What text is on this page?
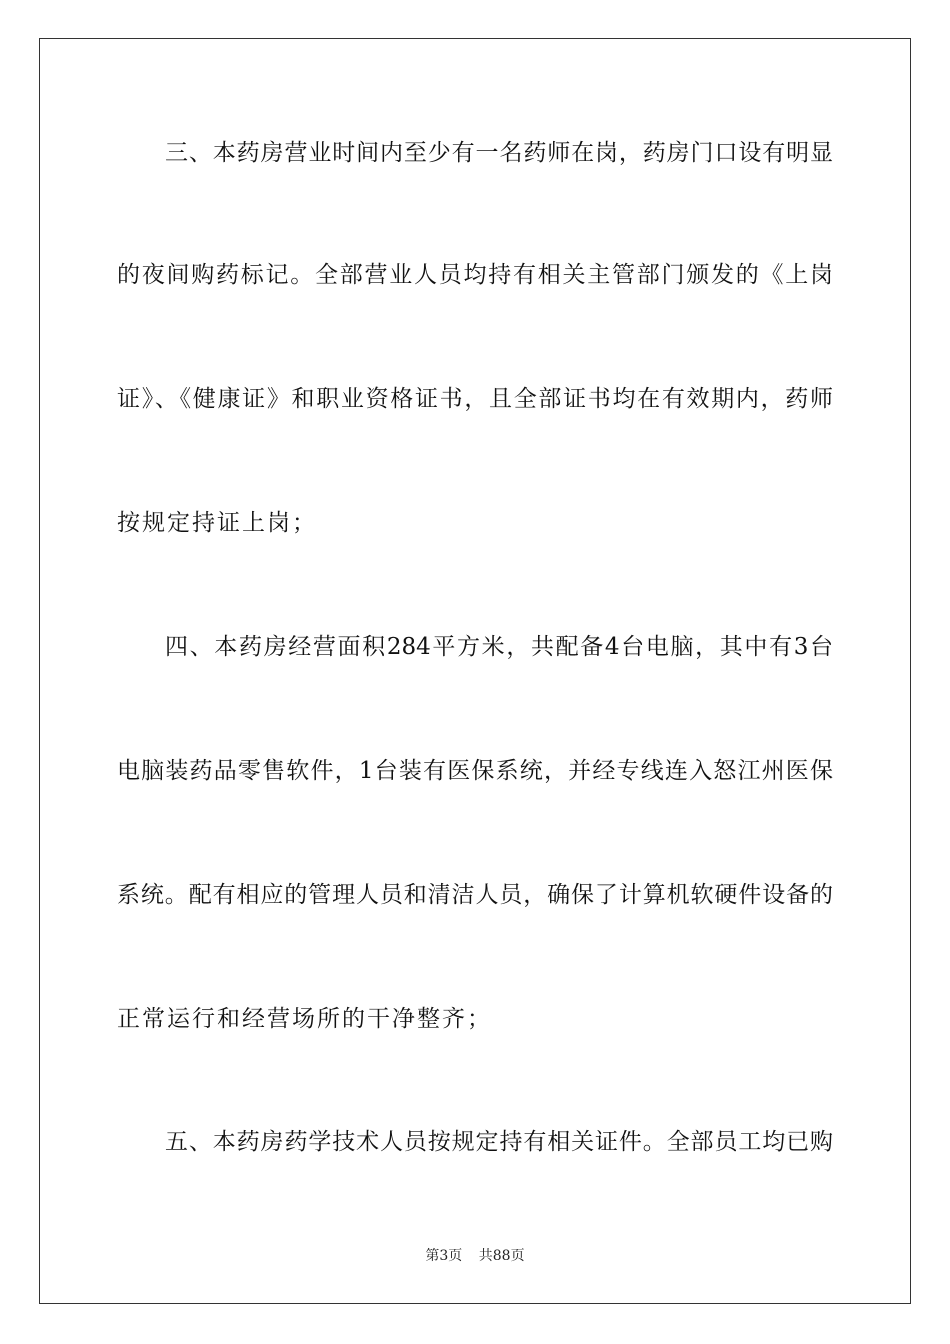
三、本药房营业时间内至少有一名药师在岗，药房门口设有明显
的夜间购药标记。全部营业人员均持有相关主管部门颁发的《上岗
证》、《健康证》和职业资格证书，且全部证书均在有效期内，药师
按规定持证上岗；
四、本药房经营面积284平方米，共配备4台电脑，其中有3台
电脑装药品零售软件，1台装有医保系统，并经专线连入怒江州医保
系统。配有相应的管理人员和清洁人员，确保了计算机软硬件设备的
正常运行和经营场所的干净整齐；
五、本药房药学技术人员按规定持有相关证件。全部员工均已购
第3页 共88页
